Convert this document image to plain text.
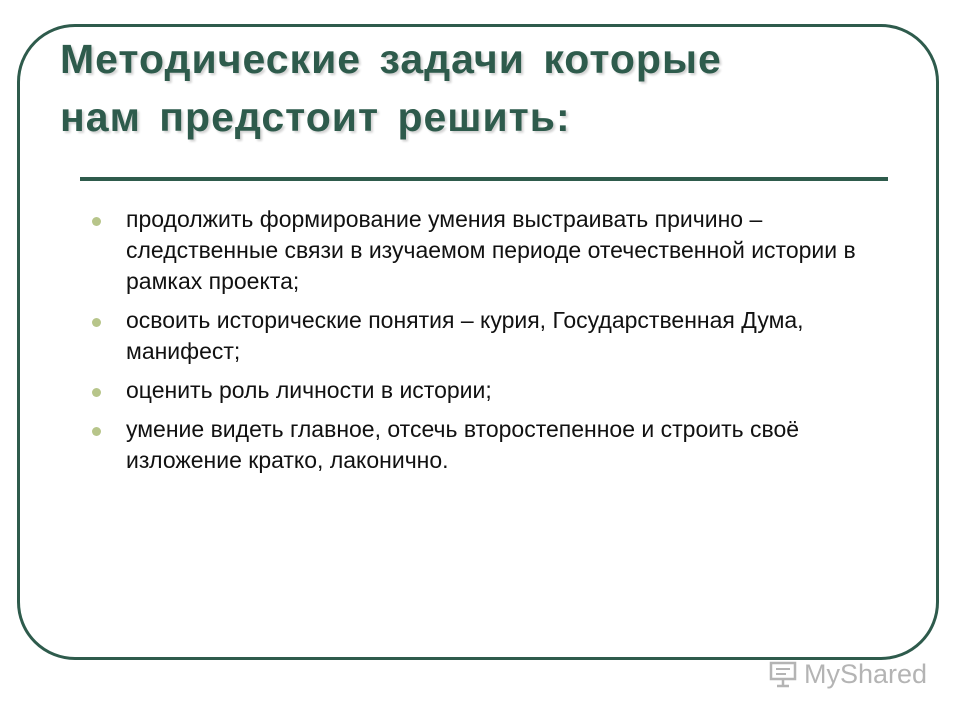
Методические задачи которые
нам предстоит решить:
продолжить формирование умения выстраивать причино – следственные связи в изучаемом периоде отечественной истории в рамках проекта;
освоить исторические понятия – курия, Государственная Дума, манифест;
оценить роль личности в истории;
умение видеть главное, отсечь второстепенное и строить своё изложение кратко, лаконично.
MyShared
